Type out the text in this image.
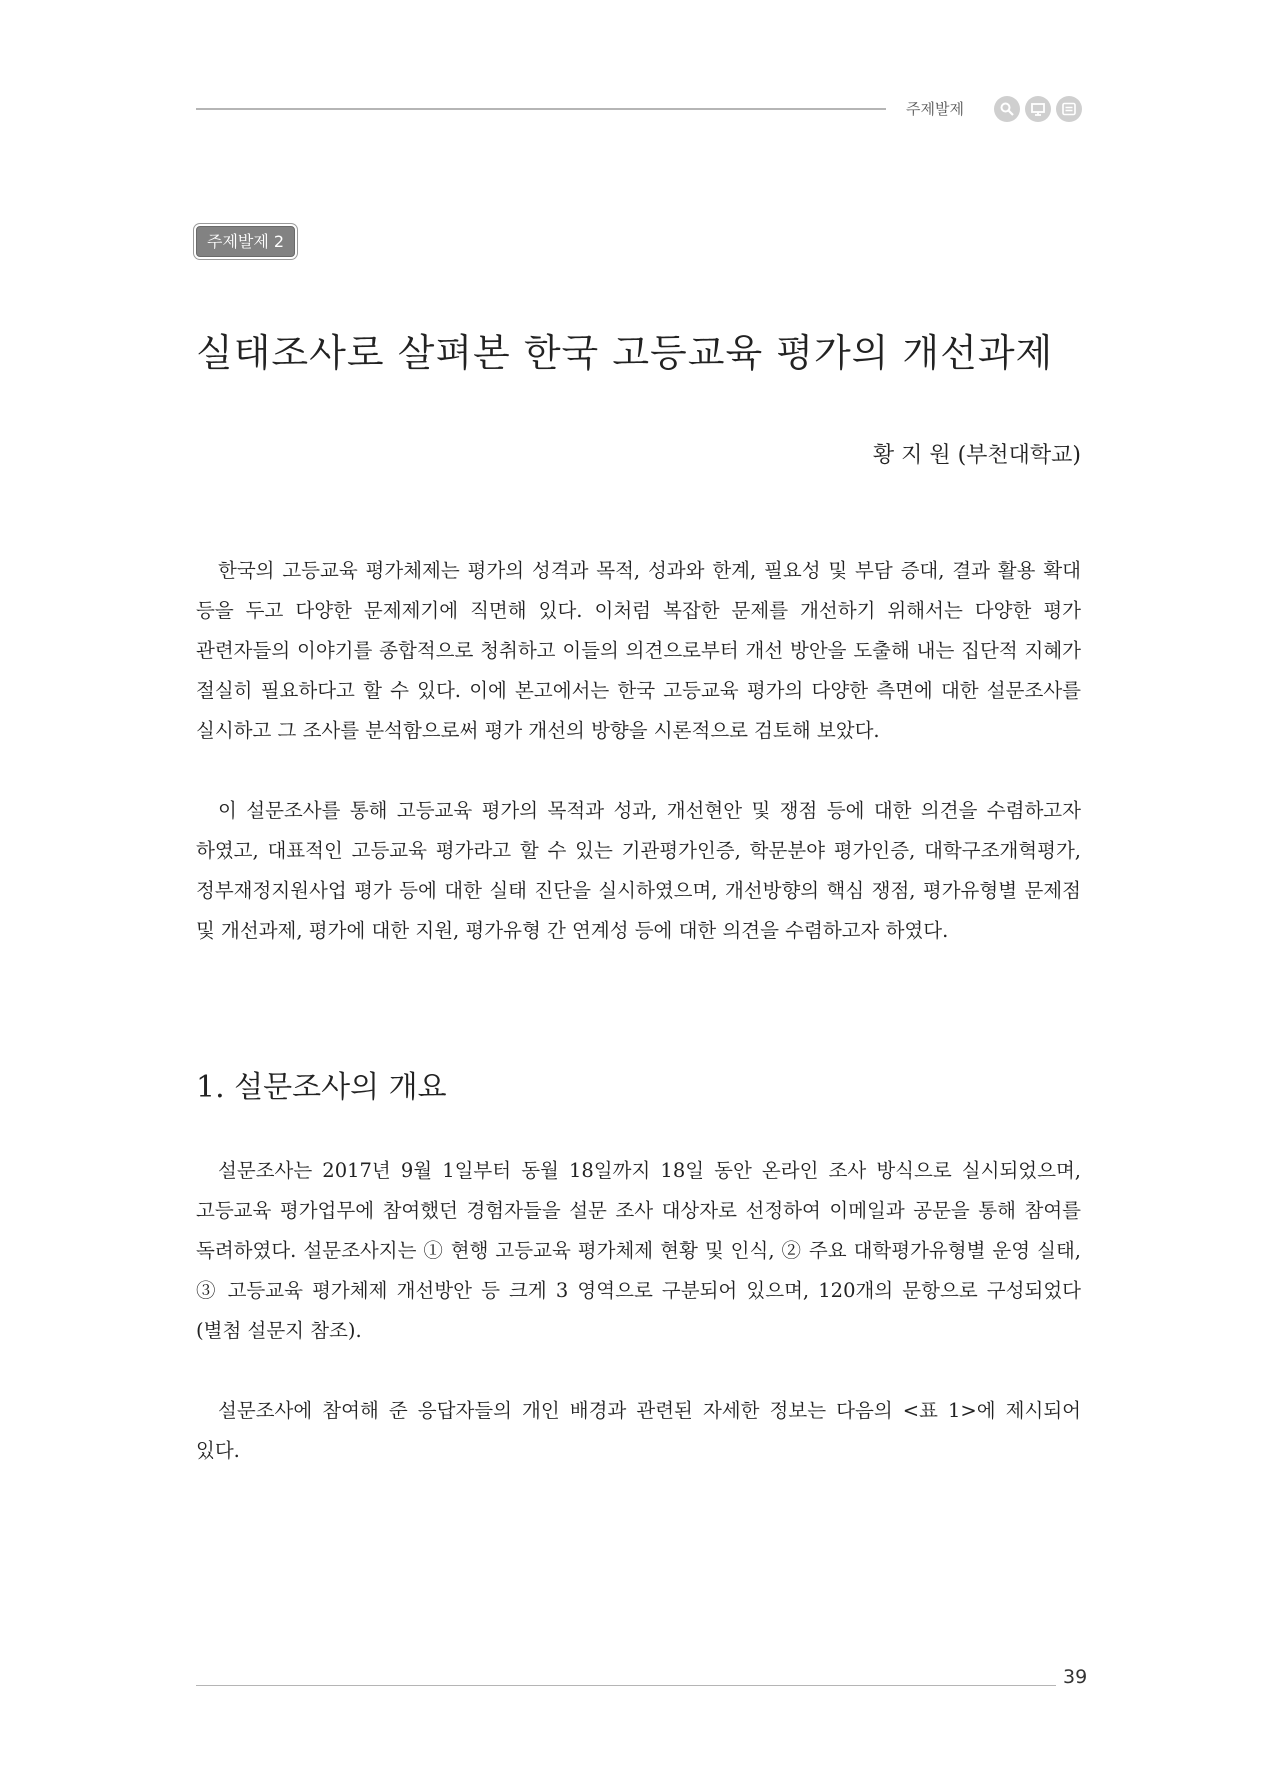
주제발제
주제발제 2
실태조사로 살펴본 한국 고등교육 평가의 개선과제
황 지 원 (부천대학교)

한국의 고등교육 평가체제는 평가의 성격과 목적, 성과와 한계, 필요성 및 부담 증대, 결과 활용 확대 등을 두고 다양한 문제제기에 직면해 있다. 이처럼 복잡한 문제를 개선하기 위해서는 다양한 평가 관련자들의 이야기를 종합적으로 청취하고 이들의 의견으로부터 개선 방안을 도출해 내는 집단적 지혜가 절실히 필요하다고 할 수 있다. 이에 본고에서는 한국 고등교육 평가의 다양한 측면에 대한 설문조사를 실시하고 그 조사를 분석함으로써 평가 개선의 방향을 시론적으로 검토해 보았다.

이 설문조사를 통해 고등교육 평가의 목적과 성과, 개선현안 및 쟁점 등에 대한 의견을 수렴하고자 하였고, 대표적인 고등교육 평가라고 할 수 있는 기관평가인증, 학문분야 평가인증, 대학구조개혁평가, 정부재정지원사업 평가 등에 대한 실태 진단을 실시하였으며, 개선방향의 핵심 쟁점, 평가유형별 문제점 및 개선과제, 평가에 대한 지원, 평가유형 간 연계성 등에 대한 의견을 수렴하고자 하였다.

1. 설문조사의 개요

설문조사는 2017년 9월 1일부터 동월 18일까지 18일 동안 온라인 조사 방식으로 실시되었으며, 고등교육 평가업무에 참여했던 경험자들을 설문 조사 대상자로 선정하여 이메일과 공문을 통해 참여를 독려하였다. 설문조사지는 ① 현행 고등교육 평가체제 현황 및 인식, ② 주요 대학평가유형별 운영 실태, ③ 고등교육 평가체제 개선방안 등 크게 3 영역으로 구분되어 있으며, 120개의 문항으로 구성되었다(별첨 설문지 참조).

설문조사에 참여해 준 응답자들의 개인 배경과 관련된 자세한 정보는 다음의 <표 1>에 제시되어 있다.

39
